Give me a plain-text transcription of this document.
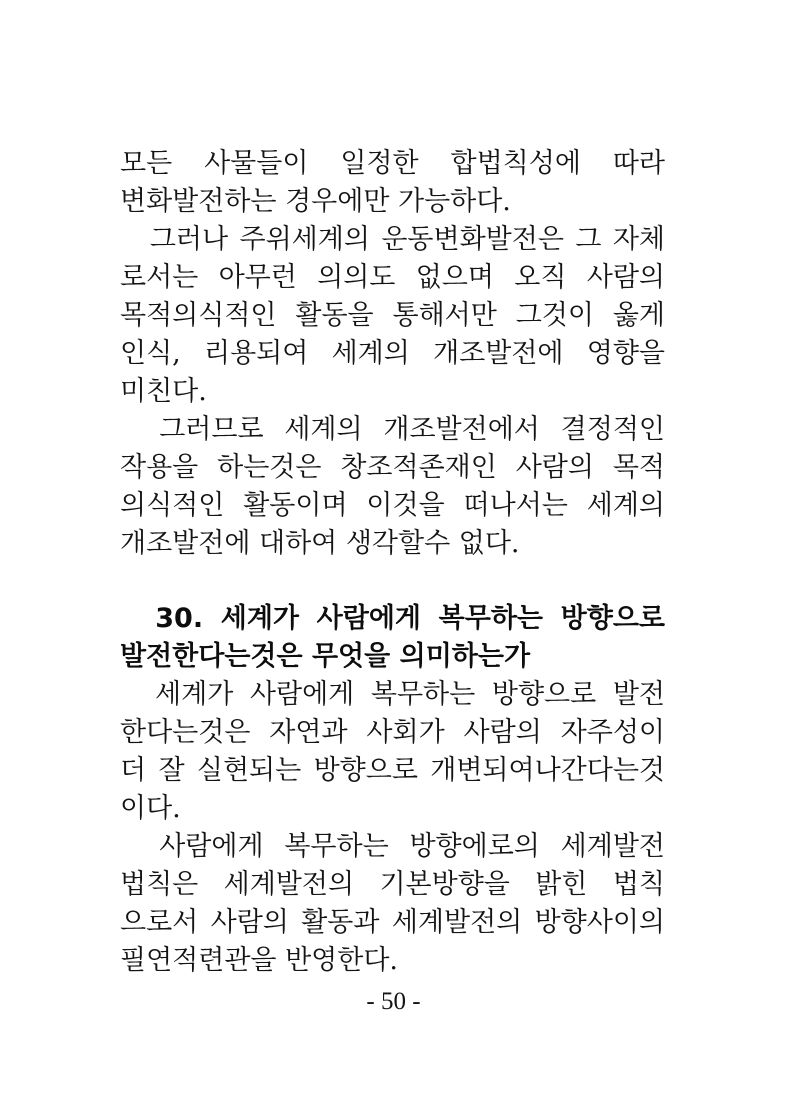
모든 사물들이 일정한 합법칙성에 따라
변화발전하는 경우에만 가능하다.
　그러나 주위세계의 운동변화발전은 그 자체
로서는 아무런 의의도 없으며 오직 사람의
목적의식적인 활동을 통해서만 그것이 옳게
인식, 리용되여 세계의 개조발전에 영향을
미친다.
　그러므로 세계의 개조발전에서 결정적인
작용을 하는것은 창조적존재인 사람의 목적
의식적인 활동이며 이것을 떠나서는 세계의
개조발전에 대하여 생각할수 없다.
　30. 세계가 사람에게 복무하는 방향으로
발전한다는것은 무엇을 의미하는가
　세계가 사람에게 복무하는 방향으로 발전
한다는것은 자연과 사회가 사람의 자주성이
더 잘 실현되는 방향으로 개변되여나간다는것
이다.
　사람에게 복무하는 방향에로의 세계발전
법칙은 세계발전의 기본방향을 밝힌 법칙
으로서 사람의 활동과 세계발전의 방향사이의
필연적련관을 반영한다.
- 50 -
